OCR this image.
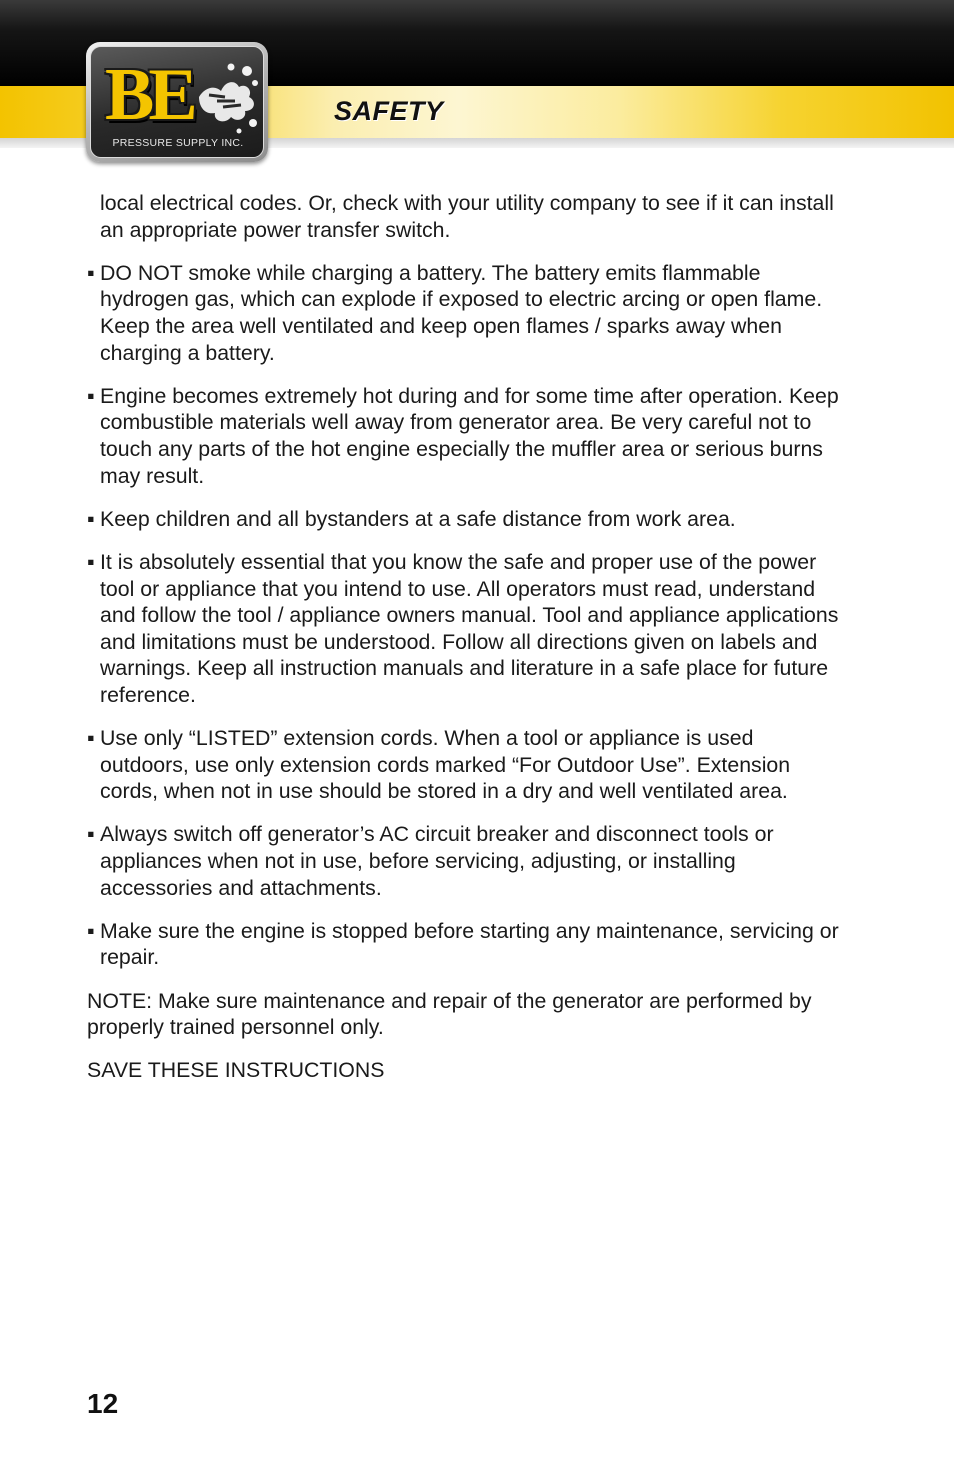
SAFETY
BE
PRESSURE SUPPLY INC.
local electrical codes. Or, check with your utility company to see if it can install an appropriate power transfer switch.
▪ DO NOT smoke while charging a battery. The battery emits flammable hydrogen gas, which can explode if exposed to electric arcing or open flame. Keep the area well ventilated and keep open flames / sparks away when charging a battery.
▪ Engine becomes extremely hot during and for some time after operation. Keep combustible materials well away from generator area. Be very careful not to touch any parts of the hot engine especially the muffler area or serious burns may result.
▪ Keep children and all bystanders at a safe distance from work area.
▪ It is absolutely essential that you know the safe and proper use of the power tool or appliance that you intend to use. All operators must read, understand and follow the tool / appliance owners manual. Tool and appliance applications and limitations must be understood. Follow all directions given on labels and warnings. Keep all instruction manuals and literature in a safe place for future reference.
▪ Use only “LISTED” extension cords. When a tool or appliance is used outdoors, use only extension cords marked “For Outdoor Use”. Extension cords, when not in use should be stored in a dry and well ventilated area.
▪ Always switch off generator’s AC circuit breaker and disconnect tools or appliances when not in use, before servicing, adjusting, or installing accessories and attachments.
▪ Make sure the engine is stopped before starting any maintenance, servicing or repair.
NOTE: Make sure maintenance and repair of the generator are performed by properly trained personnel only.
SAVE THESE INSTRUCTIONS
12
